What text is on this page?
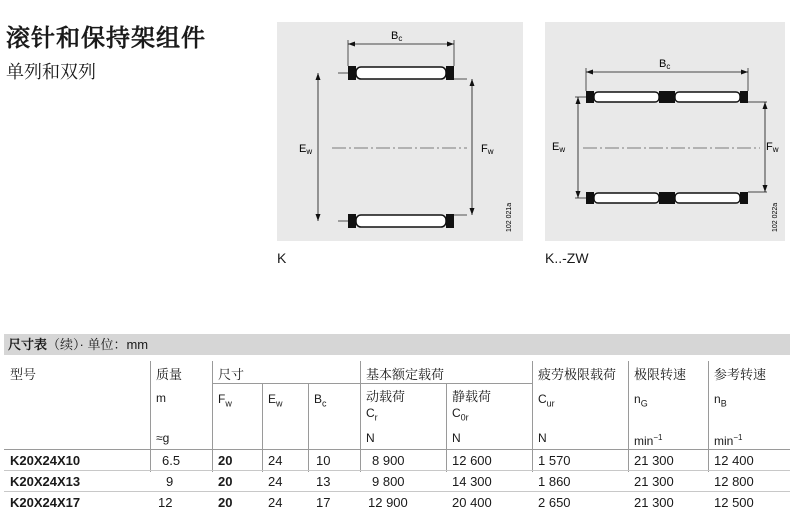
滚针和保持架组件
单列和双列
Bc
Ew	Fw
102 021a
K
Bc
Ew	Fw
102 022a
K..-ZW
尺寸表（续）· 单位：mm
型号	质量
m
≈g
尺寸
$F_w$	$E_w$	$B_c$
基本额定载荷
动载荷
$C_r$
N
静载荷
$C_{0r}$
N
疲劳极限载荷
$C_{ur}$
N
极限转速
$n_G$
$\min^{-1}$
参考转速
$n_B$
$\min^{-1}$
K20X24X10	6.5	20	24	10	8 900	12 600	1 570	21 300	12 400
K20X24X13	9	20	24	13	9 800	14 300	1 860	21 300	12 800
K20X24X17	12	20	24	17	12 900	20 400	2 650	21 300	12 500
